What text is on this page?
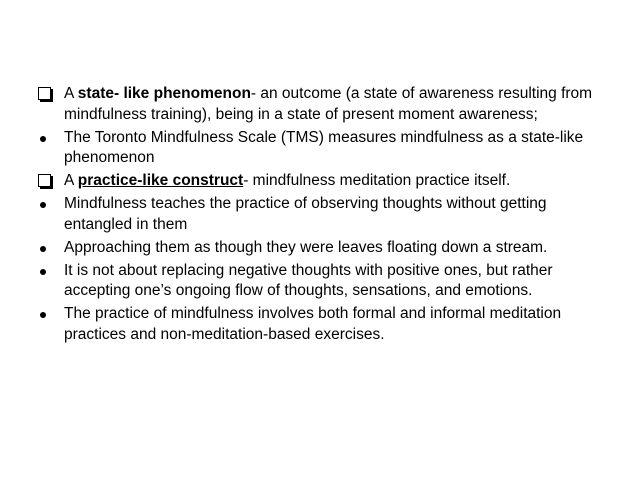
A state- like phenomenon- an outcome (a state of awareness resulting from mindfulness training), being in a state of present moment awareness;
The Toronto Mindfulness Scale (TMS) measures mindfulness as a state-like phenomenon
A practice-like construct- mindfulness meditation practice itself.
Mindfulness teaches the practice of observing thoughts without getting entangled in them
Approaching them as though they were leaves floating down a stream.
It is not about replacing negative thoughts with positive ones, but rather accepting one’s ongoing flow of thoughts, sensations, and emotions.
The practice of mindfulness involves both formal and informal meditation practices and non-meditation-based exercises.
